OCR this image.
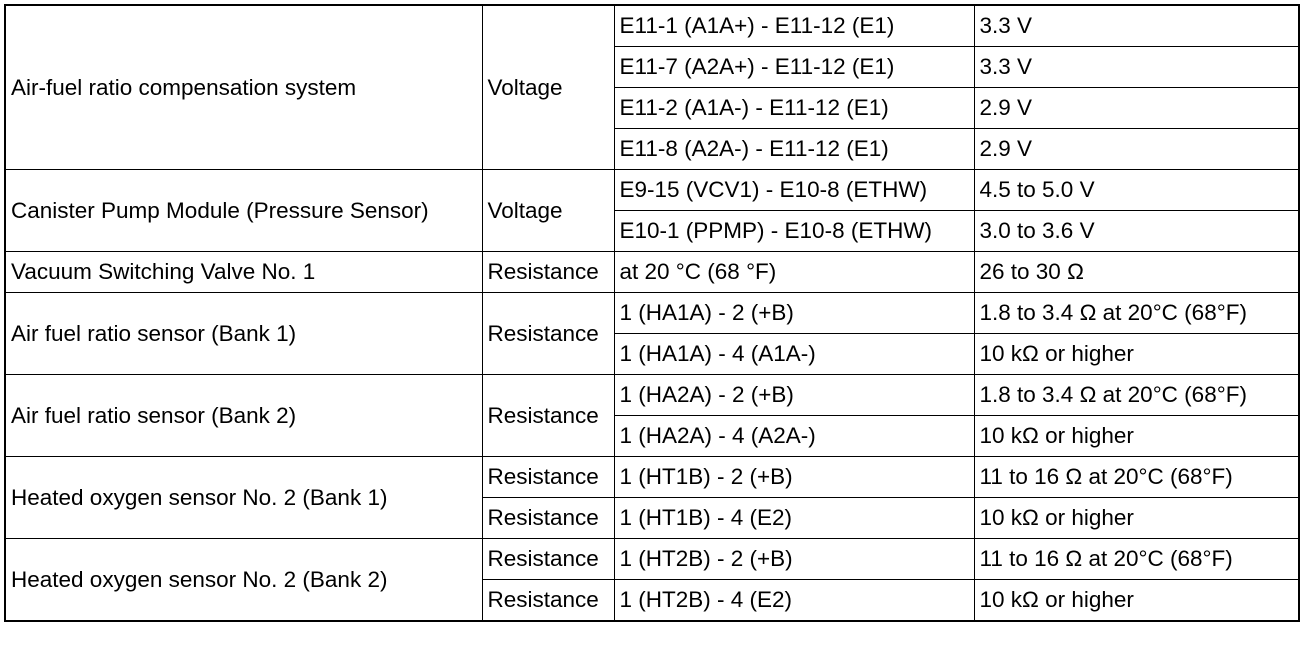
Air-fuel ratio compensation system	Voltage	E11-1 (A1A+) - E11-12 (E1)	3.3 V
		E11-7 (A2A+) - E11-12 (E1)	3.3 V
		E11-2 (A1A-) - E11-12 (E1)	2.9 V
		E11-8 (A2A-) - E11-12 (E1)	2.9 V
Canister Pump Module (Pressure Sensor)	Voltage	E9-15 (VCV1) - E10-8 (ETHW)	4.5 to 5.0 V
		E10-1 (PPMP) - E10-8 (ETHW)	3.0 to 3.6 V
Vacuum Switching Valve No. 1	Resistance	at 20 °C (68 °F)	26 to 30 Ω
Air fuel ratio sensor (Bank 1)	Resistance	1 (HA1A) - 2 (+B)	1.8 to 3.4 Ω at 20°C (68°F)
		1 (HA1A) - 4 (A1A-)	10 kΩ or higher
Air fuel ratio sensor (Bank 2)	Resistance	1 (HA2A) - 2 (+B)	1.8 to 3.4 Ω at 20°C (68°F)
		1 (HA2A) - 4 (A2A-)	10 kΩ or higher
Heated oxygen sensor No. 2 (Bank 1)	Resistance	1 (HT1B) - 2 (+B)	11 to 16 Ω at 20°C (68°F)
	Resistance	1 (HT1B) - 4 (E2)	10 kΩ or higher
Heated oxygen sensor No. 2 (Bank 2)	Resistance	1 (HT2B) - 2 (+B)	11 to 16 Ω at 20°C (68°F)
	Resistance	1 (HT2B) - 4 (E2)	10 kΩ or higher
